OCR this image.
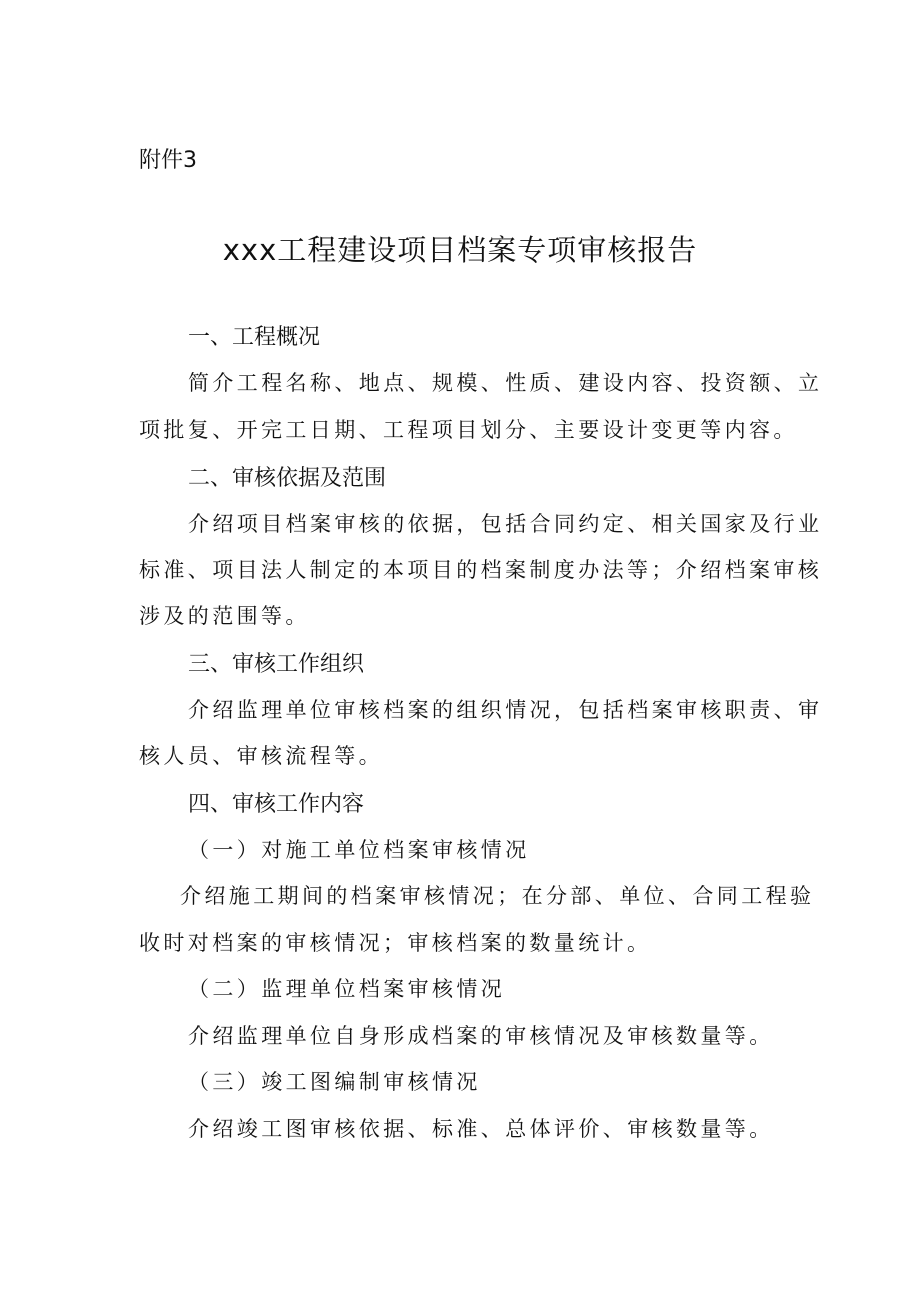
附件3

xxx工程建设项目档案专项审核报告

一、工程概况

简介工程名称、地点、规模、性质、建设内容、投资额、立

项批复、开完工日期、工程项目划分、主要设计变更等内容。

二、审核依据及范围

介绍项目档案审核的依据，包括合同约定、相关国家及行业

标准、项目法人制定的本项目的档案制度办法等；介绍档案审核

涉及的范围等。

三、审核工作组织

介绍监理单位审核档案的组织情况，包括档案审核职责、审

核人员、审核流程等。

四、审核工作内容

（一）对施工单位档案审核情况

介绍施工期间的档案审核情况；在分部、单位、合同工程验

收时对档案的审核情况；审核档案的数量统计。

（二）监理单位档案审核情况

介绍监理单位自身形成档案的审核情况及审核数量等。

（三）竣工图编制审核情况

介绍竣工图审核依据、标准、总体评价、审核数量等。
